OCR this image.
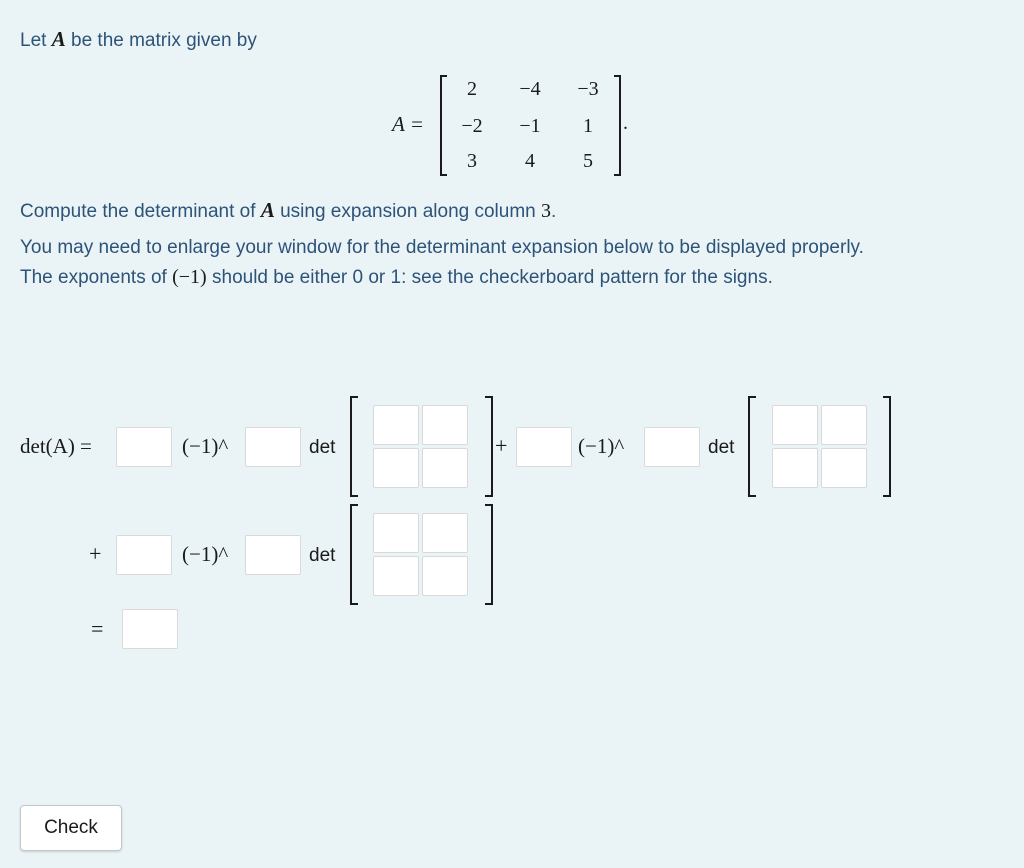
Let A be the matrix given by

A =
2	−4	−3
−2	−1	1
3	4	5
.

Compute the determinant of A using expansion along column 3.

You may need to enlarge your window for the determinant expansion below to be displayed properly.

The exponents of (−1) should be either 0 or 1: see the checkerboard pattern for the signs.

det(A) =	(−1)^	det	+	(−1)^	det
+	(−1)^	det
=
Check
